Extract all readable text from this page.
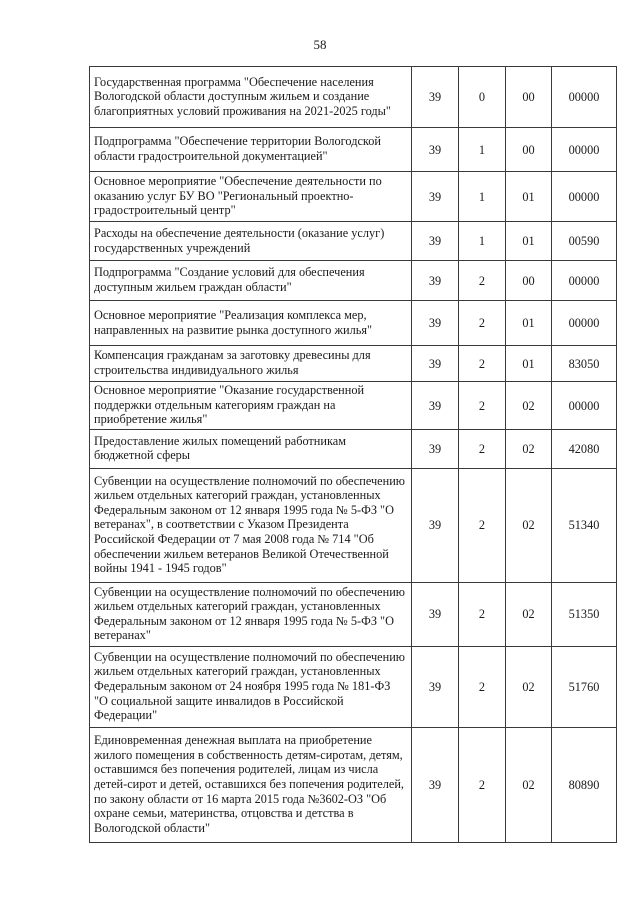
58
Государственная программа "Обеспечение населения Вологодской области доступным жильем и создание благоприятных условий проживания на 2021-2025 годы"	39	0	00	00000
Подпрограмма "Обеспечение территории Вологодской области градостроительной документацией"	39	1	00	00000
Основное мероприятие "Обеспечение деятельности по оказанию услуг БУ ВО "Региональный проектно-градостроительный центр"	39	1	01	00000
Расходы на обеспечение деятельности (оказание услуг) государственных учреждений	39	1	01	00590
Подпрограмма "Создание условий для обеспечения доступным жильем граждан области"	39	2	00	00000
Основное мероприятие "Реализация комплекса мер, направленных на развитие рынка доступного жилья"	39	2	01	00000
Компенсация гражданам за заготовку древесины для строительства индивидуального жилья	39	2	01	83050
Основное мероприятие "Оказание государственной поддержки отдельным категориям граждан на приобретение жилья"	39	2	02	00000
Предоставление жилых помещений работникам бюджетной сферы	39	2	02	42080
Субвенции на осуществление полномочий по обеспечению жильем отдельных категорий граждан, установленных Федеральным законом от 12 января 1995 года № 5-ФЗ "О ветеранах", в соответствии с Указом Президента Российской Федерации от 7 мая 2008 года № 714 "Об обеспечении жильем ветеранов Великой Отечественной войны 1941 - 1945 годов"	39	2	02	51340
Субвенции на осуществление полномочий по обеспечению жильем отдельных категорий граждан, установленных Федеральным законом от 12 января 1995 года № 5-ФЗ "О ветеранах"	39	2	02	51350
Субвенции на осуществление полномочий по обеспечению жильем отдельных категорий граждан, установленных Федеральным законом от 24 ноября 1995 года № 181-ФЗ "О социальной защите инвалидов в Российской Федерации"	39	2	02	51760
Единовременная денежная выплата на приобретение жилого помещения в собственность детям-сиротам, детям, оставшимся без попечения родителей, лицам из числа детей-сирот и детей, оставшихся без попечения родителей, по закону области от 16 марта 2015 года №3602-ОЗ "Об охране семьи, материнства, отцовства и детства в Вологодской области"	39	2	02	80890
